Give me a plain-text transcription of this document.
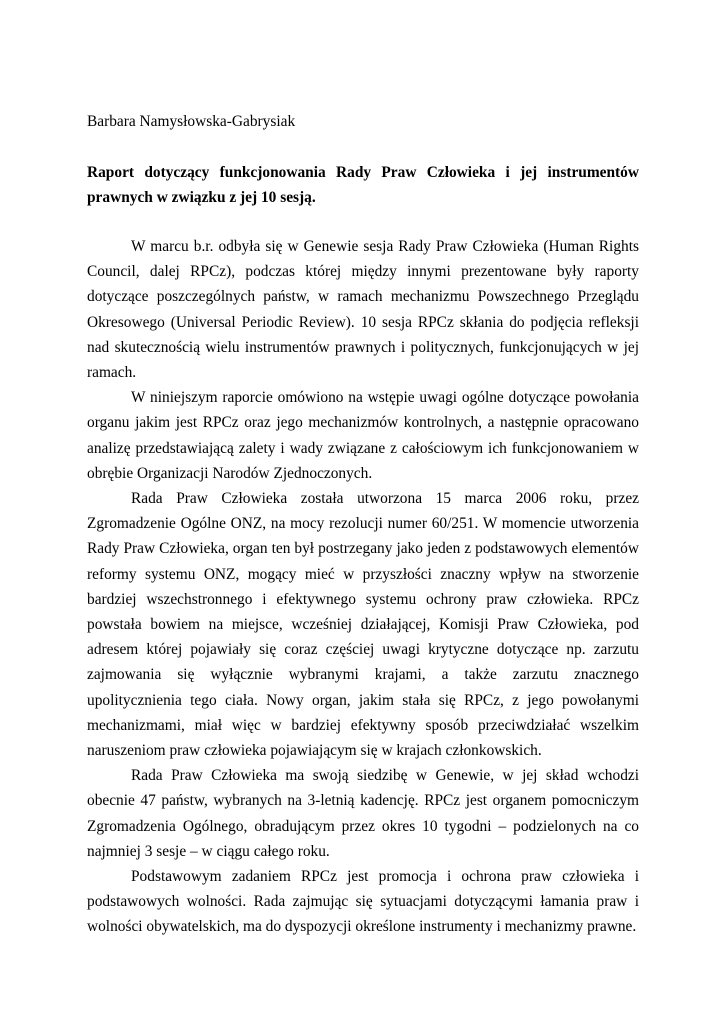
Barbara Namysłowska-Gabrysiak

Raport dotyczący funkcjonowania Rady Praw Człowieka i jej instrumentów prawnych w związku z jej 10 sesją.

W marcu b.r. odbyła się w Genewie sesja Rady Praw Człowieka (Human Rights Council, dalej RPCz), podczas której między innymi prezentowane były raporty dotyczące poszczególnych państw, w ramach mechanizmu Powszechnego Przeglądu Okresowego (Universal Periodic Review). 10 sesja RPCz skłania do podjęcia refleksji nad skutecznością wielu instrumentów prawnych i politycznych, funkcjonujących w jej ramach.

W niniejszym raporcie omówiono na wstępie uwagi ogólne dotyczące powołania organu jakim jest RPCz oraz jego mechanizmów kontrolnych, a następnie opracowano analizę przedstawiającą zalety i wady związane z całościowym ich funkcjonowaniem w obrębie Organizacji Narodów Zjednoczonych.

Rada Praw Człowieka została utworzona 15 marca 2006 roku, przez Zgromadzenie Ogólne ONZ, na mocy rezolucji numer 60/251. W momencie utworzenia Rady Praw Człowieka, organ ten był postrzegany jako jeden z podstawowych elementów reformy systemu ONZ, mogący mieć w przyszłości znaczny wpływ na stworzenie bardziej wszechstronnego i efektywnego systemu ochrony praw człowieka. RPCz powstała bowiem na miejsce, wcześniej działającej, Komisji Praw Człowieka, pod adresem której pojawiały się coraz częściej uwagi krytyczne dotyczące np. zarzutu zajmowania się wyłącznie wybranymi krajami, a także zarzutu znacznego upolitycznienia tego ciała. Nowy organ, jakim stała się RPCz, z jego powołanymi mechanizmami, miał więc w bardziej efektywny sposób przeciwdziałać wszelkim naruszeniom praw człowieka pojawiającym się w krajach członkowskich.

Rada Praw Człowieka ma swoją siedzibę w Genewie, w jej skład wchodzi obecnie 47 państw, wybranych na 3-letnią kadencję. RPCz jest organem pomocniczym Zgromadzenia Ogólnego, obradującym przez okres 10 tygodni – podzielonych na co najmniej 3 sesje – w ciągu całego roku.

Podstawowym zadaniem RPCz jest promocja i ochrona praw człowieka i podstawowych wolności. Rada zajmując się sytuacjami dotyczącymi łamania praw i wolności obywatelskich, ma do dyspozycji określone instrumenty i mechanizmy prawne.
